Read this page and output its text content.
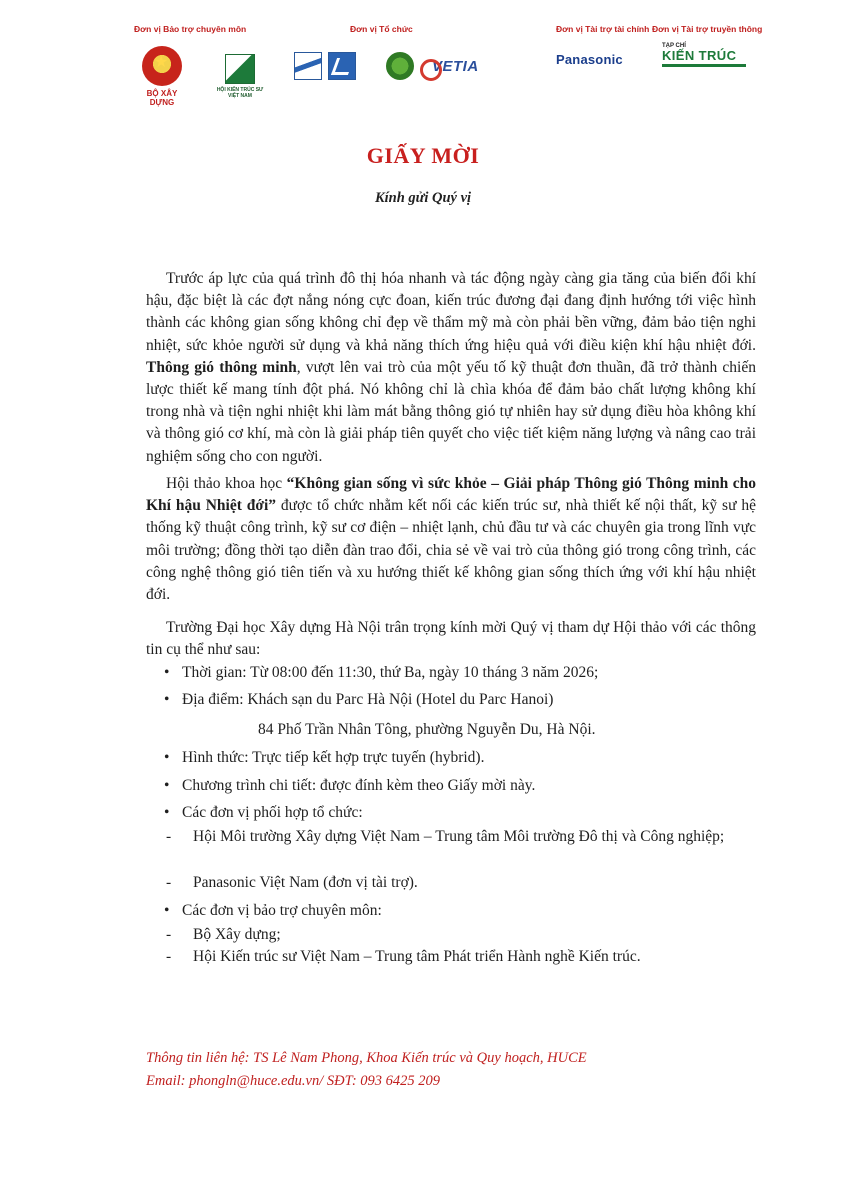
Đơn vị Bảo trợ chuyên môn
★
BỘ XÂY DỰNG
HỘI KIẾN TRÚC SƯ VIỆT NAM
Đơn vị Tổ chức
VETIA
Đơn vị Tài trợ tài chính
Panasonic
Đơn vị Tài trợ truyền thông
TẠP CHÍ
KIẾN TRÚC
GIẤY MỜI
Kính gửi Quý vị

Trước áp lực của quá trình đô thị hóa nhanh và tác động ngày càng gia tăng của biến đổi khí hậu, đặc biệt là các đợt nắng nóng cực đoan, kiến trúc đương đại đang định hướng tới việc hình thành các không gian sống không chỉ đẹp về thẩm mỹ mà còn phải bền vững, đảm bảo tiện nghi nhiệt, sức khỏe người sử dụng và khả năng thích ứng hiệu quả với điều kiện khí hậu nhiệt đới. Thông gió thông minh, vượt lên vai trò của một yếu tố kỹ thuật đơn thuần, đã trở thành chiến lược thiết kế mang tính đột phá. Nó không chỉ là chìa khóa để đảm bảo chất lượng không khí trong nhà và tiện nghi nhiệt khi làm mát bằng thông gió tự nhiên hay sử dụng điều hòa không khí và thông gió cơ khí, mà còn là giải pháp tiên quyết cho việc tiết kiệm năng lượng và nâng cao trải nghiệm sống cho con người.

Hội thảo khoa học “Không gian sống vì sức khỏe – Giải pháp Thông gió Thông minh cho Khí hậu Nhiệt đới” được tổ chức nhằm kết nối các kiến trúc sư, nhà thiết kế nội thất, kỹ sư hệ thống kỹ thuật công trình, kỹ sư cơ điện – nhiệt lạnh, chủ đầu tư và các chuyên gia trong lĩnh vực môi trường; đồng thời tạo diễn đàn trao đổi, chia sẻ về vai trò của thông gió trong công trình, các công nghệ thông gió tiên tiến và xu hướng thiết kế không gian sống thích ứng với khí hậu nhiệt đới.

Trường Đại học Xây dựng Hà Nội trân trọng kính mời Quý vị tham dự Hội thảo với các thông tin cụ thể như sau:

• Thời gian: Từ 08:00 đến 11:30, thứ Ba, ngày 10 tháng 3 năm 2026;
• Địa điểm: Khách sạn du Parc Hà Nội (Hotel du Parc Hanoi)
84 Phố Trần Nhân Tông, phường Nguyễn Du, Hà Nội.
• Hình thức: Trực tiếp kết hợp trực tuyến (hybrid).
• Chương trình chi tiết: được đính kèm theo Giấy mời này.
• Các đơn vị phối hợp tổ chức:
- Hội Môi trường Xây dựng Việt Nam – Trung tâm Môi trường Đô thị và Công nghiệp;
- Panasonic Việt Nam (đơn vị tài trợ).
• Các đơn vị bảo trợ chuyên môn:
- Bộ Xây dựng;
- Hội Kiến trúc sư Việt Nam – Trung tâm Phát triển Hành nghề Kiến trúc.
Thông tin liên hệ: TS Lê Nam Phong, Khoa Kiến trúc và Quy hoạch, HUCE
Email: phongln@huce.edu.vn/ SĐT: 093 6425 209
